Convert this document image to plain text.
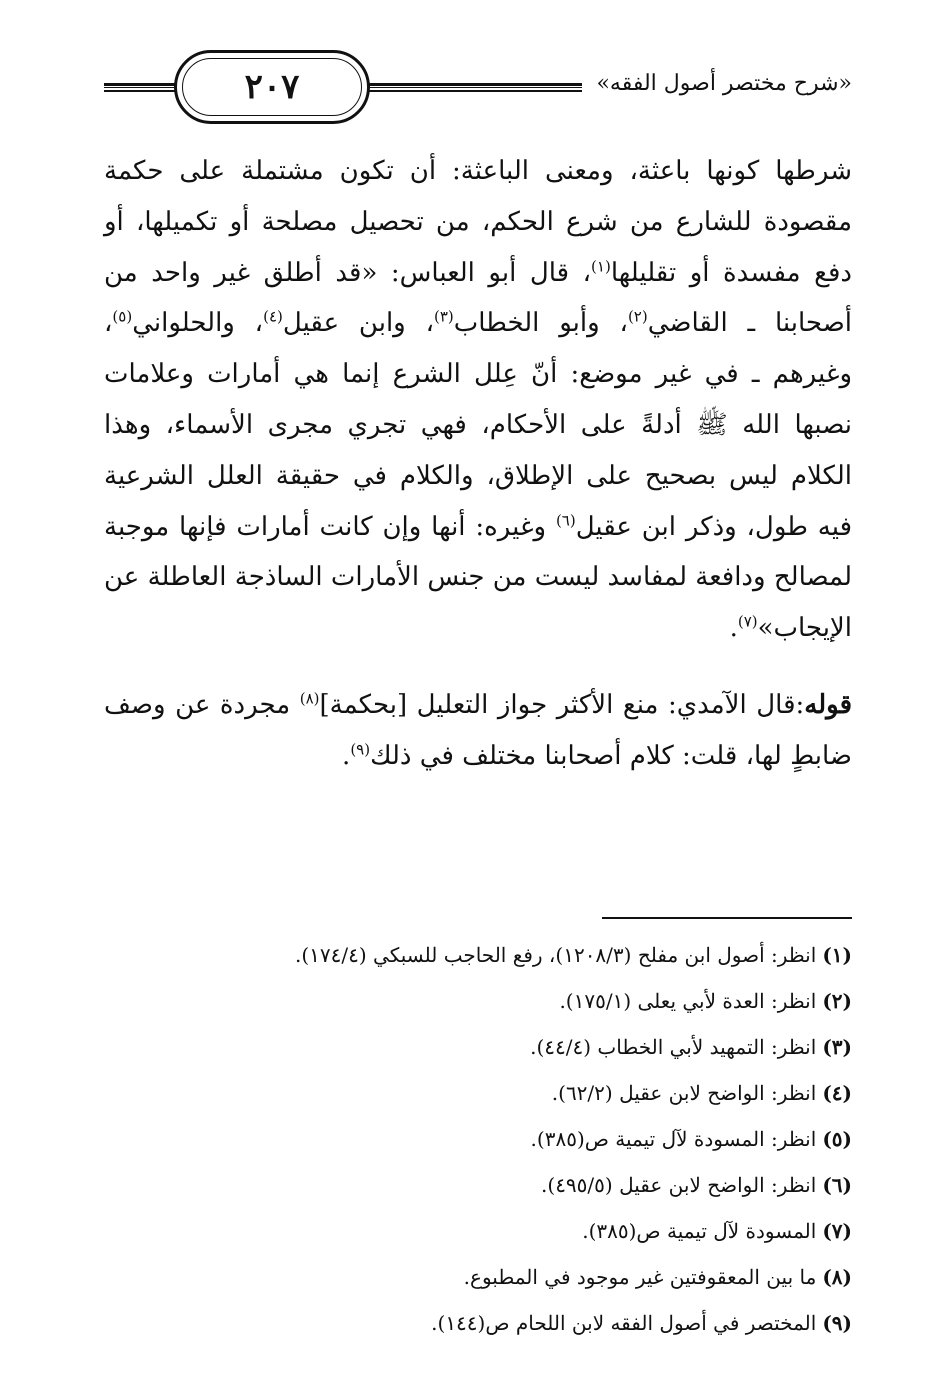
«شرح مختصر أصول الفقه»
٢٠٧

شرطها كونها باعثة، ومعنى الباعثة: أن تكون مشتملة على حكمة مقصودة للشارع من شرع الحكم، من تحصيل مصلحة أو تكميلها، أو دفع مفسدة أو تقليلها$^{(١)}$، قال أبو العباس: «قد أطلق غير واحد من أصحابنا ـ القاضي$^{(٢)}$، وأبو الخطاب$^{(٣)}$، وابن عقيل$^{(٤)}$، والحلواني$^{(٥)}$، وغيرهم ـ في غير موضع: أنّ عِلل الشرع إنما هي أمارات وعلامات نصبها الله ﷺ أدلةً على الأحكام، فهي تجري مجرى الأسماء، وهذا الكلام ليس بصحيح على الإطلاق، والكلام في حقيقة العلل الشرعية فيه طول، وذكر ابن عقيل$^{(٦)}$ وغيره: أنها وإن كانت أمارات فإنها موجبة لمصالح ودافعة لمفاسد ليست من جنس الأمارات الساذجة العاطلة عن الإيجاب»$^{(٧)}$.

قوله:قال الآمدي: منع الأكثر جواز التعليل [بحكمة]$^{(٨)}$ مجردة عن وصف ضابطٍ لها، قلت: كلام أصحابنا مختلف في ذلك$^{(٩)}$.

(١)انظر: أصول ابن مفلح (١٢٠٨/٣)، رفع الحاجب للسبكي (١٧٤/٤).
(٢)انظر: العدة لأبي يعلى (١٧٥/١).
(٣)انظر: التمهيد لأبي الخطاب (٤٤/٤).
(٤)انظر: الواضح لابن عقيل (٦٢/٢).
(٥)انظر: المسودة لآل تيمية ص(٣٨٥).
(٦)انظر: الواضح لابن عقيل (٤٩٥/٥).
(٧)المسودة لآل تيمية ص(٣٨٥).
(٨)ما بين المعقوفتين غير موجود في المطبوع.
(٩)المختصر في أصول الفقه لابن اللحام ص(١٤٤).
